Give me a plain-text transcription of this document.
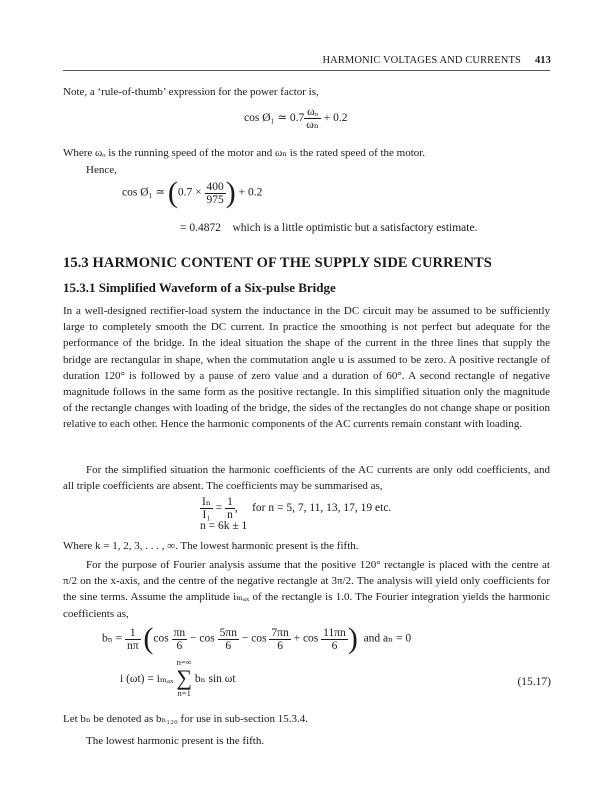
HARMONIC VOLTAGES AND CURRENTS 413
Note, a ‘rule-of-thumb’ expression for the power factor is,
cos Ø₁ ≃ $0.7 \frac{\text{ωₒ}}{\text{ωₙ}} + 0.2$
Where ωₒ is the running speed of the motor and ωₙ is the rated speed of the motor.
Hence,
cos Ø₁ ≃ ($0.7 \times \frac{400}{975}$ ) + 0.2
= 0.4872 which is a little optimistic but a satisfactory estimate.
15.3 HARMONIC CONTENT OF THE SUPPLY SIDE CURRENTS
15.3.1 Simplified Waveform of a Six-pulse Bridge
In a well-designed rectifier-load system the inductance in the DC circuit may be assumed to be sufficiently large to completely smooth the DC current. In practice the smoothing is not perfect but adequate for the performance of the bridge. In the ideal situation the shape of the current in the three lines that supply the bridge are rectangular in shape, when the commutation angle u is assumed to be zero. A positive rectangle of duration 120° is followed by a pause of zero value and a duration of 60°. A second rectangle of negative magnitude follows in the same form as the positive rectangle. In this simplified situation only the magnitude of the rectangle changes with loading of the bridge, the sides of the rectangles do not change shape or position relative to each other. Hence the harmonic components of the AC currents remain constant with loading.
For the simplified situation the harmonic coefficients of the AC currents are only odd coefficients, and all triple coefficients are absent. The coefficients may be summarised as,
$\frac{\text{Iₙ}}{\text{I₁}} = \frac{1}{n}$ ,     for n = 5, 7, 11, 13, 17, 19 etc.
n = 6k ± 1
Where k = 1, 2, 3, . . . , ∞. The lowest harmonic present is the fifth.
For the purpose of Fourier analysis assume that the positive 120° rectangle is placed with the centre at π/2 on the x-axis, and the centre of the negative rectangle at 3π/2. The analysis will yield only coefficients for the sine terms. Assume the amplitude iₘₐₓ of the rectangle is 1.0. The Fourier integration yields the harmonic coefficients as,
$b_n = \frac{1}{n\pi} (\cos \frac{\pi n}{6} - \cos \frac{5\pi n}{6} - \cos \frac{7\pi n}{6} + \cos \frac{11\pi n}{6}$ ) and aₙ = 0
i (ωt) = iₘₐₓ n=∞
∑
n=1 bₙ sin ωt	(15.17)
Let bₙ be denoted as bₙ₁₂₀ for use in sub-section 15.3.4.
The lowest harmonic present is the fifth.
